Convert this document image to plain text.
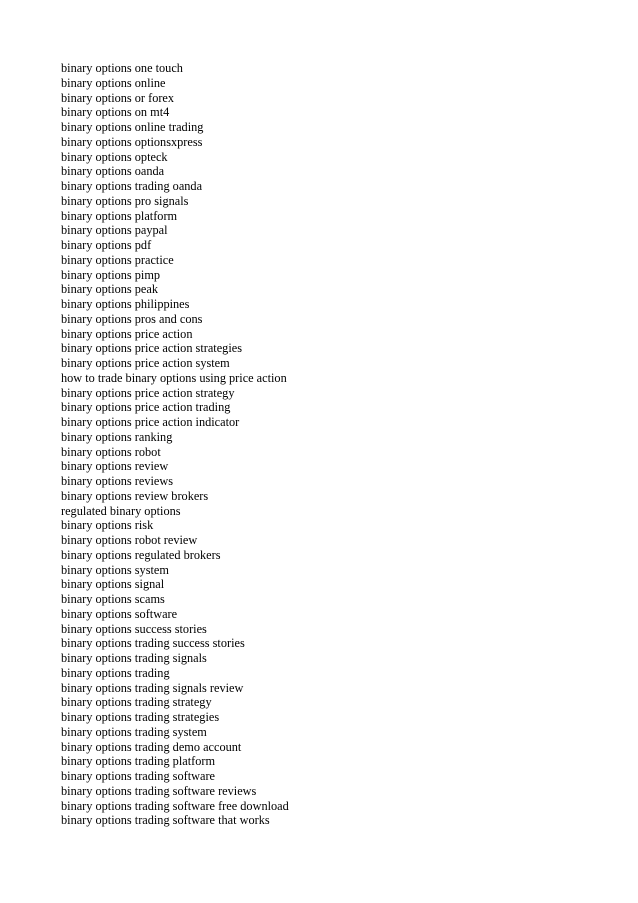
binary options one touch
binary options online
binary options or forex
binary options on mt4
binary options online trading
binary options optionsxpress
binary options opteck
binary options oanda
binary options trading oanda
binary options pro signals
binary options platform
binary options paypal
binary options pdf
binary options practice
binary options pimp
binary options peak
binary options philippines
binary options pros and cons
binary options price action
binary options price action strategies
binary options price action system
how to trade binary options using price action
binary options price action strategy
binary options price action trading
binary options price action indicator
binary options ranking
binary options robot
binary options review
binary options reviews
binary options review brokers
regulated binary options
binary options risk
binary options robot review
binary options regulated brokers
binary options system
binary options signal
binary options scams
binary options software
binary options success stories
binary options trading success stories
binary options trading signals
binary options trading
binary options trading signals review
binary options trading strategy
binary options trading strategies
binary options trading system
binary options trading demo account
binary options trading platform
binary options trading software
binary options trading software reviews
binary options trading software free download
binary options trading software that works
